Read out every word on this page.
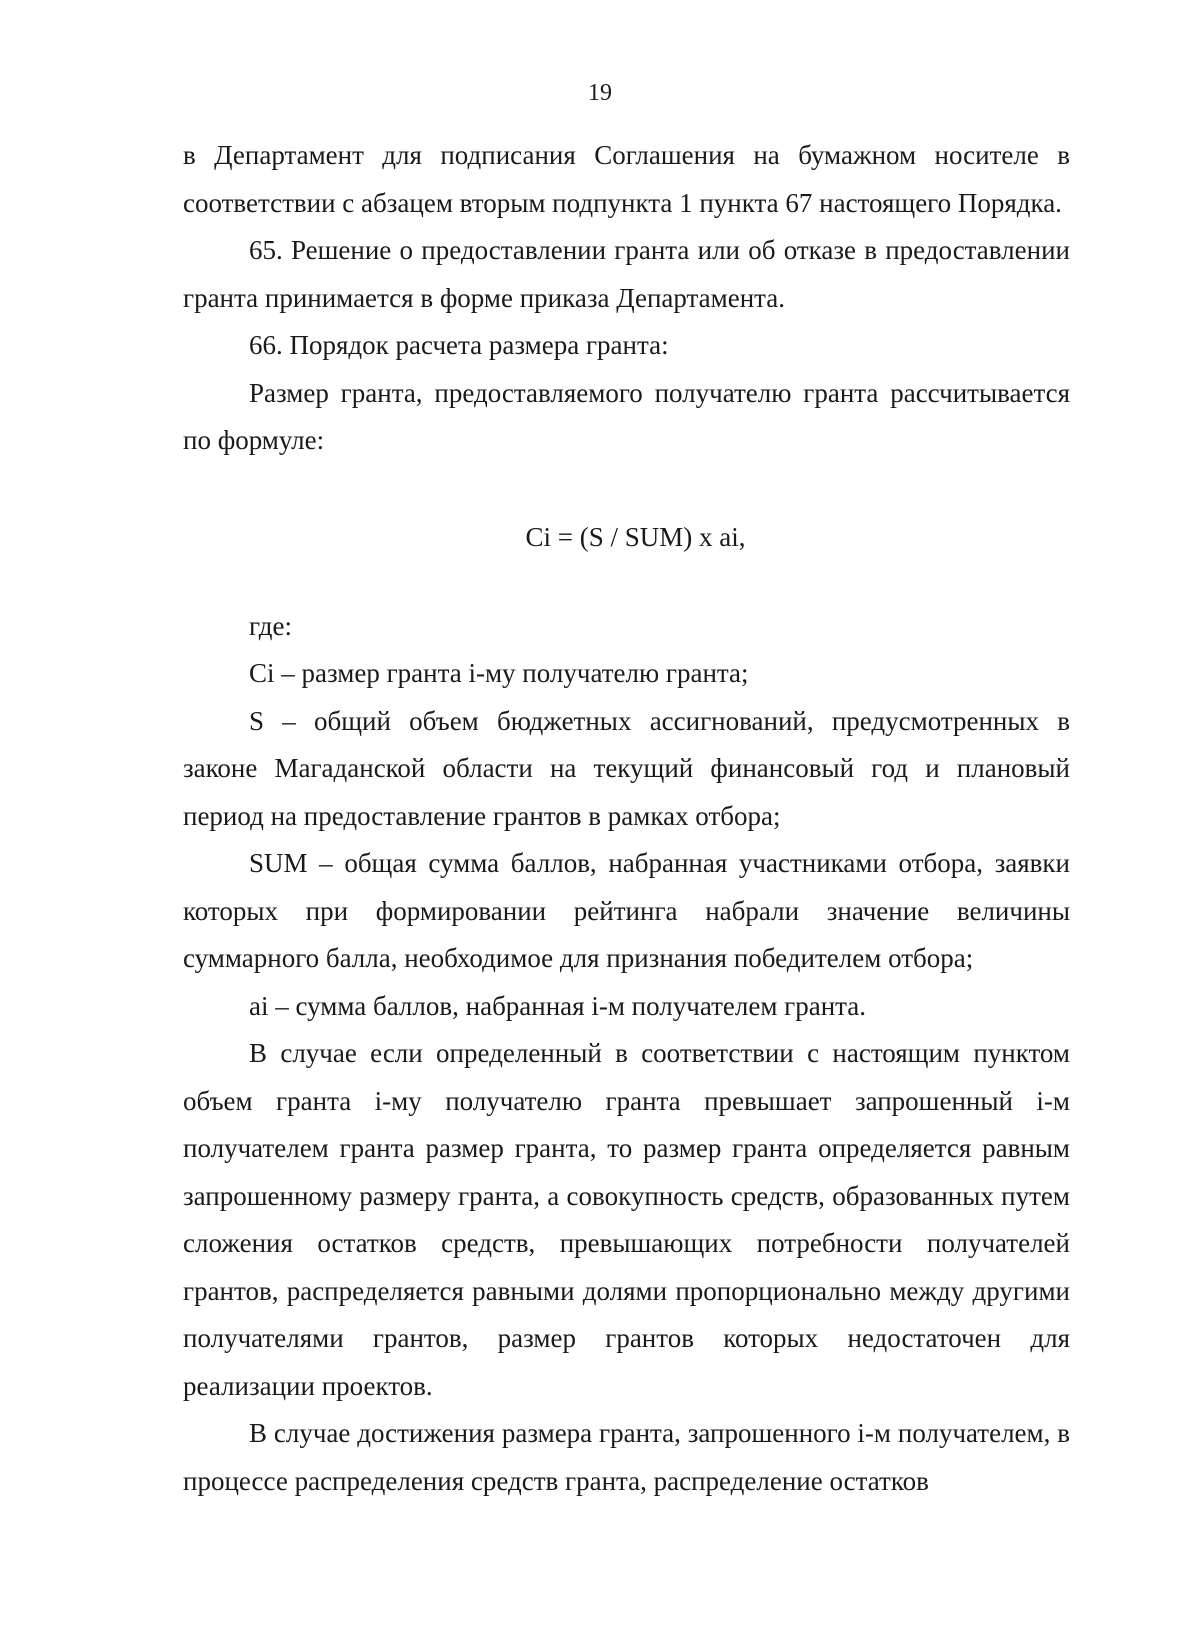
19

в Департамент для подписания Соглашения на бумажном носителе в соответствии с абзацем вторым подпункта 1 пункта 67 настоящего Порядка.

65. Решение о предоставлении гранта или об отказе в предоставлении гранта принимается в форме приказа Департамента.

66. Порядок расчета размера гранта:

Размер гранта, предоставляемого получателю гранта рассчитывается по формуле:

Ci = (S / SUM) x ai,

где:

Ci – размер гранта i-му получателю гранта;

S – общий объем бюджетных ассигнований, предусмотренных в законе Магаданской области на текущий финансовый год и плановый период на предоставление грантов в рамках отбора;

SUM – общая сумма баллов, набранная участниками отбора, заявки которых при формировании рейтинга набрали значение величины суммарного балла, необходимое для признания победителем отбора;

ai – сумма баллов, набранная i-м получателем гранта.

В случае если определенный в соответствии с настоящим пунктом объем гранта i-му получателю гранта превышает запрошенный i-м получателем гранта размер гранта, то размер гранта определяется равным запрошенному размеру гранта, а совокупность средств, образованных путем сложения остатков средств, превышающих потребности получателей грантов, распределяется равными долями пропорционально между другими получателями грантов, размер грантов которых недостаточен для реализации проектов.

В случае достижения размера гранта, запрошенного i-м получателем, в процессе распределения средств гранта, распределение остатков
